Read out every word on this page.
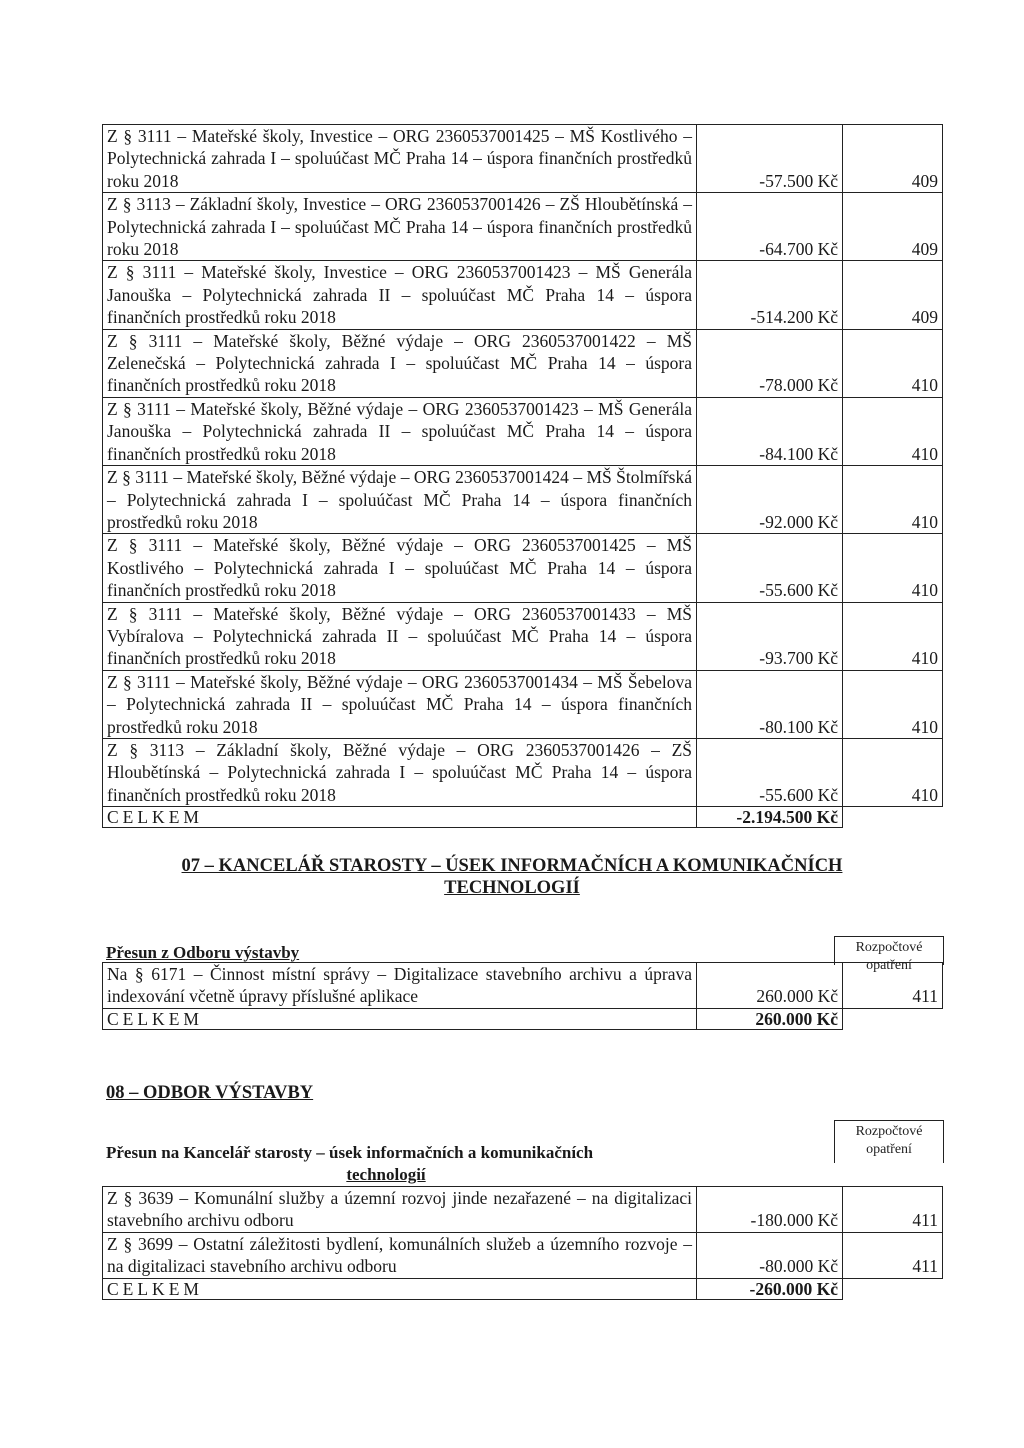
Z § 3111 – Mateřské školy, Investice – ORG 2360537001425 – MŠ Kostlivého – Polytechnická zahrada I – spoluúčast MČ Praha 14 – úspora finančních prostředků roku 2018	-57.500 Kč	409
Z § 3113 – Základní školy, Investice – ORG 2360537001426 – ZŠ Hloubětínská – Polytechnická zahrada I – spoluúčast MČ Praha 14 – úspora finančních prostředků roku 2018	-64.700 Kč	409
Z § 3111 – Mateřské školy, Investice – ORG 2360537001423 – MŠ Generála Janouška – Polytechnická zahrada II – spoluúčast MČ Praha 14 – úspora finančních prostředků roku 2018	-514.200 Kč	409
Z § 3111 – Mateřské školy, Běžné výdaje – ORG 2360537001422 – MŠ Zelenečská – Polytechnická zahrada I – spoluúčast MČ Praha 14 – úspora finančních prostředků roku 2018	-78.000 Kč	410
Z § 3111 – Mateřské školy, Běžné výdaje – ORG 2360537001423 – MŠ Generála Janouška – Polytechnická zahrada II – spoluúčast MČ Praha 14 – úspora finančních prostředků roku 2018	-84.100 Kč	410
Z § 3111 – Mateřské školy, Běžné výdaje – ORG 2360537001424 – MŠ Štolmířská – Polytechnická zahrada I – spoluúčast MČ Praha 14 – úspora finančních prostředků roku 2018	-92.000 Kč	410
Z § 3111 – Mateřské školy, Běžné výdaje – ORG 2360537001425 – MŠ Kostlivého – Polytechnická zahrada I – spoluúčast MČ Praha 14 – úspora finančních prostředků roku 2018	-55.600 Kč	410
Z § 3111 – Mateřské školy, Běžné výdaje – ORG 2360537001433 – MŠ Vybíralova – Polytechnická zahrada II – spoluúčast MČ Praha 14 – úspora finančních prostředků roku 2018	-93.700 Kč	410
Z § 3111 – Mateřské školy, Běžné výdaje – ORG 2360537001434 – MŠ Šebelova – Polytechnická zahrada II – spoluúčast MČ Praha 14 – úspora finančních prostředků roku 2018	-80.100 Kč	410
Z § 3113 – Základní školy, Běžné výdaje – ORG 2360537001426 – ZŠ Hloubětínská – Polytechnická zahrada I – spoluúčast MČ Praha 14 – úspora finančních prostředků roku 2018	-55.600 Kč	410
CELKEM	-2.194.500 Kč	
07 – KANCELÁŘ STAROSTY – ÚSEK INFORMAČNÍCH A KOMUNIKAČNÍCH
TECHNOLOGIÍ
Rozpočtové
opatření
Přesun z Odboru výstavby
Na § 6171 – Činnost místní správy – Digitalizace stavebního archivu a úprava indexování včetně úpravy příslušné aplikace	260.000 Kč	411
CELKEM	260.000 Kč	
08 – ODBOR VÝSTAVBY
Rozpočtové
opatření
Přesun na Kancelář starosty – úsek informačních a komunikačních
technologií
Z § 3639 – Komunální služby a územní rozvoj jinde nezařazené – na digitalizaci stavebního archivu odboru	-180.000 Kč	411
Z § 3699 – Ostatní záležitosti bydlení, komunálních služeb a územního rozvoje – na digitalizaci stavebního archivu odboru	-80.000 Kč	411
CELKEM	-260.000 Kč	
